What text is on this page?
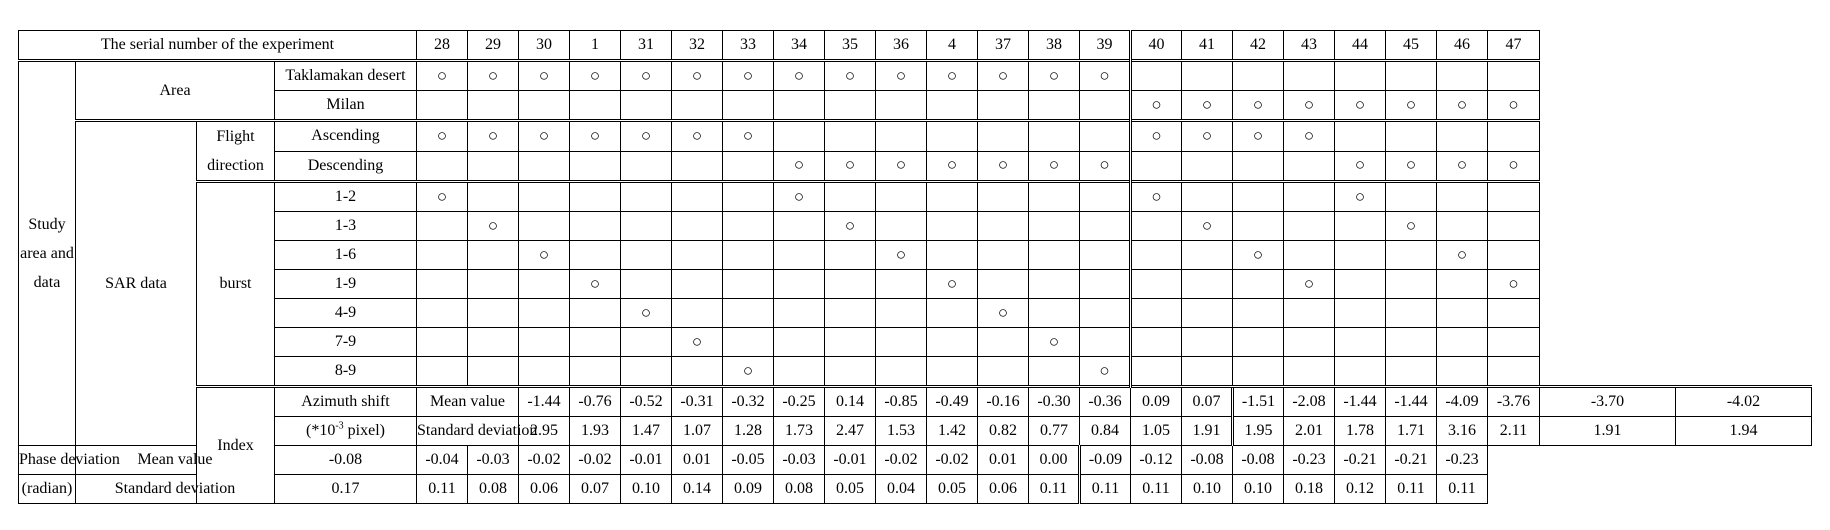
The serial number of the experiment				28	29	30	1	31	32	33	34	35	36	4	37	38	39	40	41	42	43	44	45	46	47		
Study area and data	Area		Taklamakan desert	○	○	○	○	○	○	○	○	○	○	○	○	○	○										
			Milan															○	○	○	○	○	○	○	○		
	SAR data	Flight direction	Ascending	○	○	○	○	○	○	○								○	○	○	○						
			Descending								○	○	○	○	○	○	○					○	○	○	○		
		burst	1-2	○							○							○				○					
			1-3		○							○							○				○				
			1-6			○							○							○				○			
			1-9				○							○							○				○		
			4-9					○							○												
			7-9						○							○											
			8-9							○							○										
		Index	Azimuth shift	Mean value		-1.44	-0.76	-0.52	-0.31	-0.32	-0.25	0.14	-0.85	-0.49	-0.16	-0.30	-0.36	0.09	0.07	-1.51	-2.08	-1.44	-1.44	-4.09	-3.76	-3.70	-4.02
			($*10^{-3}$ pixel)	Standard deviation		2.95	1.93	1.47	1.07	1.28	1.73	2.47	1.53	1.42	0.82	0.77	0.84	1.05	1.91	1.95	2.01	1.78	1.71	3.16	2.11	1.91	1.94
Phase deviation	Mean value		-0.08	-0.04	-0.03	-0.02	-0.02	-0.01	0.01	-0.05	-0.03	-0.01	-0.02	-0.02	0.01	0.00	-0.09	-0.12	-0.08	-0.08	-0.23	-0.21	-0.21	-0.23			
(radian)	Standard deviation		0.17	0.11	0.08	0.06	0.07	0.10	0.14	0.09	0.08	0.05	0.04	0.05	0.06	0.11	0.11	0.11	0.10	0.10	0.18	0.12	0.11	0.11			
